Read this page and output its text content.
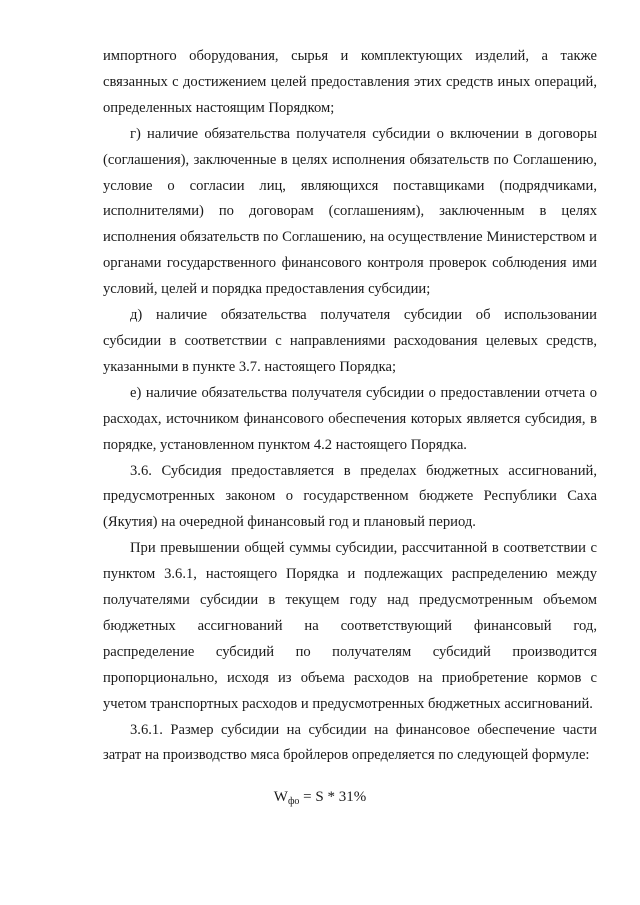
импортного оборудования, сырья и комплектующих изделий, а также связанных с достижением целей предоставления этих средств иных операций, определенных настоящим Порядком;

г) наличие обязательства получателя субсидии о включении в договоры (соглашения), заключенные в целях исполнения обязательств по Соглашению, условие о согласии лиц, являющихся поставщиками (подрядчиками, исполнителями) по договорам (соглашениям), заключенным в целях исполнения обязательств по Соглашению, на осуществление Министерством и органами государственного финансового контроля проверок соблюдения ими условий, целей и порядка предоставления субсидии;

д) наличие обязательства получателя субсидии об использовании субсидии в соответствии с направлениями расходования целевых средств, указанными в пункте 3.7. настоящего Порядка;

е) наличие обязательства получателя субсидии о предоставлении отчета о расходах, источником финансового обеспечения которых является субсидия, в порядке, установленном пунктом 4.2 настоящего Порядка.

3.6. Субсидия предоставляется в пределах бюджетных ассигнований, предусмотренных законом о государственном бюджете Республики Саха (Якутия) на очередной финансовый год и плановый период.

При превышении общей суммы субсидии, рассчитанной в соответствии с пунктом 3.6.1, настоящего Порядка и подлежащих распределению между получателями субсидии в текущем году над предусмотренным объемом бюджетных ассигнований на соответствующий финансовый год, распределение субсидий по получателям субсидий производится пропорционально, исходя из объема расходов на приобретение кормов с учетом транспортных расходов и предусмотренных бюджетных ассигнований.

3.6.1. Размер субсидии на субсидии на финансовое обеспечение части затрат на производство мяса бройлеров определяется по следующей формуле:

$W_{фо} = S * 31\%$
